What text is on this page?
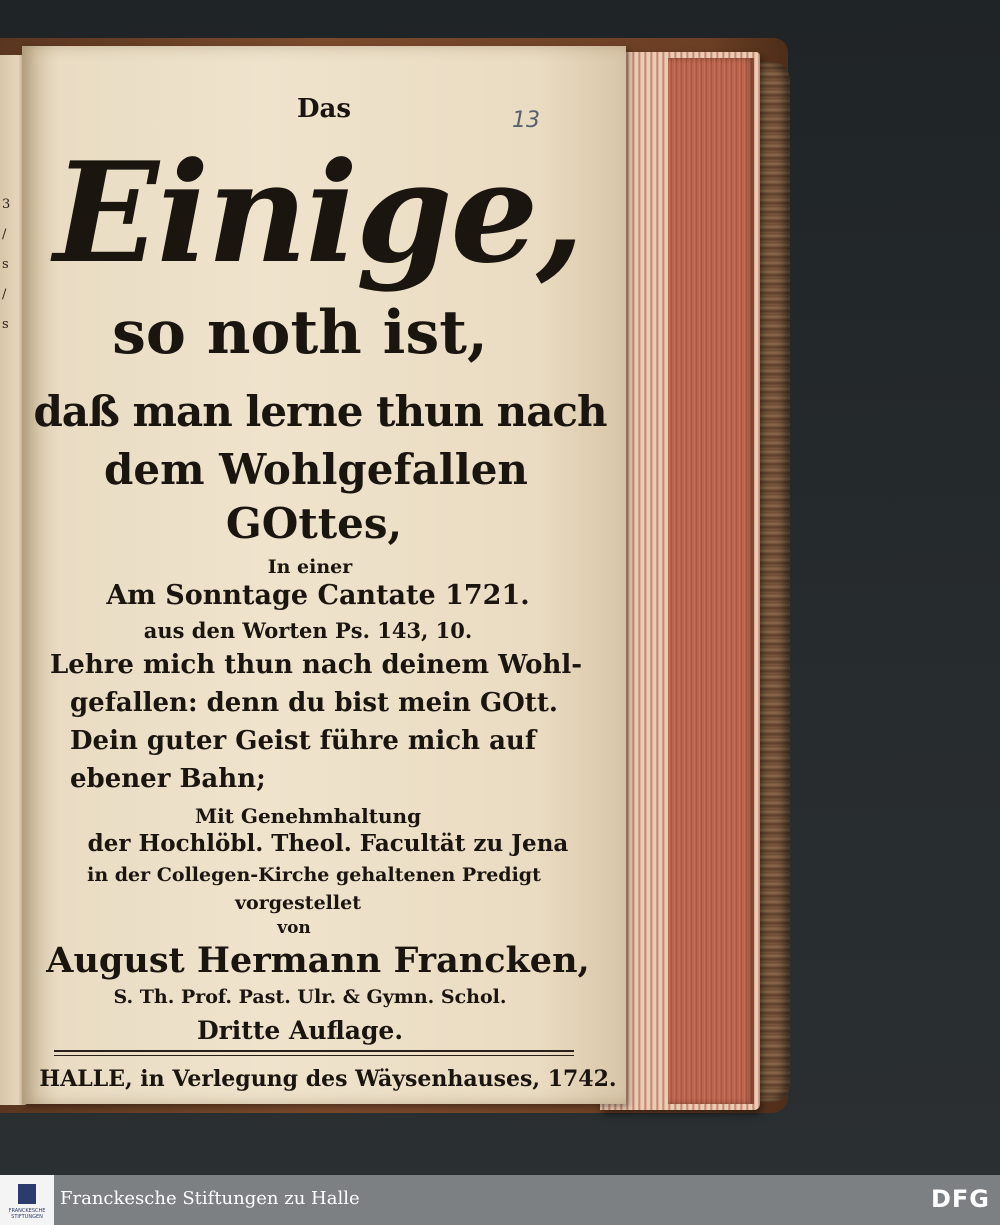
3
/
s
/
s
13
Das
Einige,
so noth ist,
daß man lerne thun nach
dem Wohlgefallen
GOttes,
In einer
Am Sonntage Cantate 1721.
aus den Worten Ps. 143, 10.
Lehre mich thun nach deinem Wohl-
gefallen: denn du bist mein GOtt.
Dein guter Geist führe mich auf
ebener Bahn;
Mit Genehmhaltung
der Hochlöbl. Theol. Facultät zu Jena
in der Collegen-Kirche gehaltenen Predigt
vorgestellet
von
August Hermann Francken,
S. Th. Prof. Past. Ulr. & Gymn. Schol.
Dritte Auflage.
HALLE, in Verlegung des Wäysenhauses, 1742.
FRANCKESCHE STIFTUNGEN
Franckesche Stiftungen zu Halle	DFG
